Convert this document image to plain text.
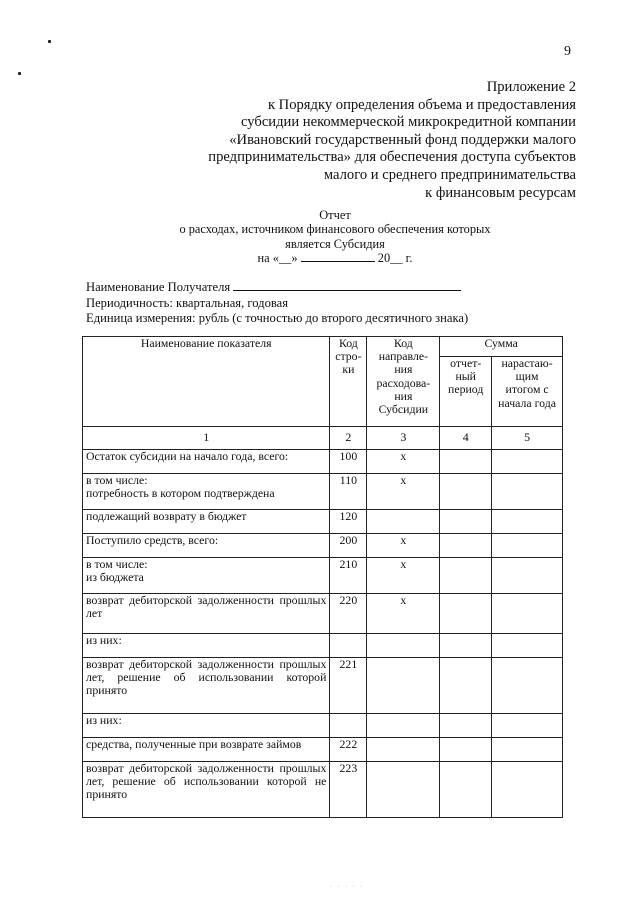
9
Приложение 2
к Порядку определения объема и предоставления
субсидии некоммерческой микрокредитной компании
«Ивановский государственный фонд поддержки малого
предпринимательства» для обеспечения доступа субъектов
малого и среднего предпринимательства
к финансовым ресурсам
Отчет
о расходах, источником финансового обеспечения которых
является Субсидия
на «__»	20__ г.
Наименование Получателя
Периодичность: квартальная, годовая
Единица измерения: рубль (с точностью до второго десятичного знака)
Наименование показателя	Код стро-ки	Код направле-ния расходова-ния Субсидии	Сумма	

			отчет-ный период	нарастаю-щим итогом с начала года

1	2	3	4	5
Остаток субсидии на начало года, всего:	100	x		
в том числе:
потребность в котором подтверждена	110	x		
подлежащий возврату в бюджет	120			
Поступило средств, всего:	200	x		
в том числе:
из бюджета	210	x		
возврат дебиторской задолженности прошлых лет	220	x		
из них:				
возврат дебиторской задолженности прошлых лет, решение об использовании которой принято	221			
из них:				
средства, полученные при возврате займов	222			
возврат дебиторской задолженности прошлых лет, решение об использовании которой не принято	223			
· · · · ·
